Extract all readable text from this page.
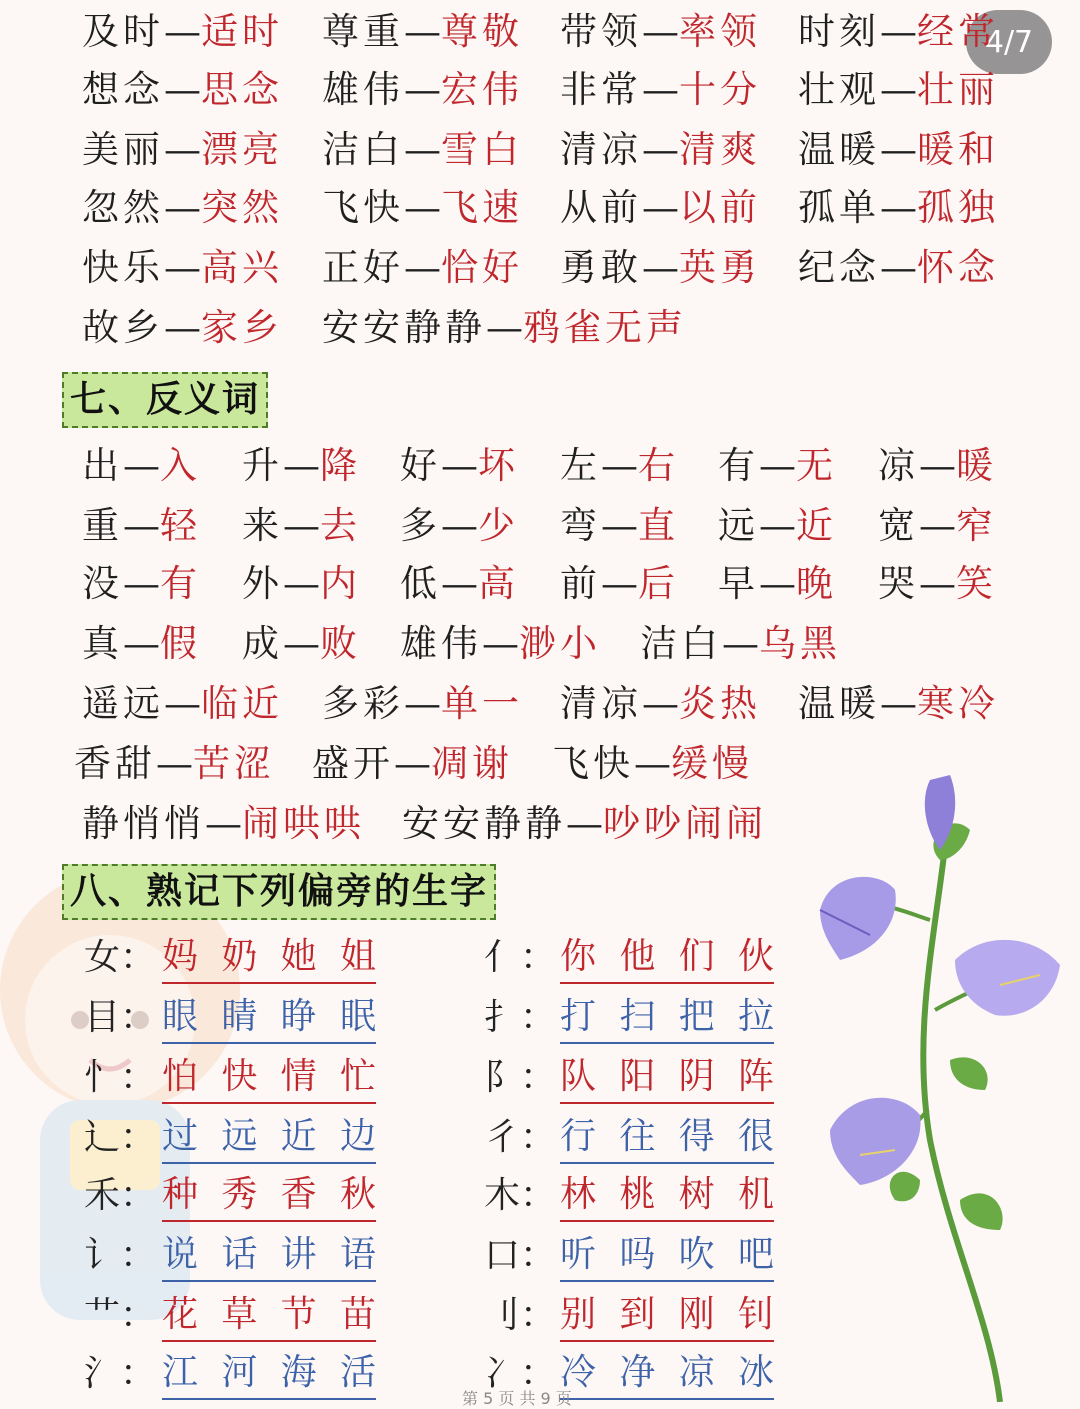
4/7
及时—适时 尊重—尊敬 带领—率领 时刻—经常
想念—思念 雄伟—宏伟 非常—十分 壮观—壮丽
美丽—漂亮 洁白—雪白 清凉—清爽 温暖—暖和
忽然—突然 飞快—飞速 从前—以前 孤单—孤独
快乐—高兴 正好—恰好 勇敢—英勇 纪念—怀念
故乡—家乡 安安静静—鸦雀无声
七、反义词
出—入 升—降 好—坏 左—右 有—无 凉—暖
重—轻 来—去 多—少 弯—直 远—近 宽—窄
没—有 外—内 低—高 前—后 早—晚 哭—笑
真—假 成—败 雄伟—渺小 洁白—乌黑
遥远—临近 多彩—单一 清凉—炎热 温暖—寒冷
香甜—苦涩 盛开—凋谢 飞快—缓慢
静悄悄—闹哄哄 安安静静—吵吵闹闹
八、熟记下列偏旁的生字
女： 妈 奶 她 姐	亻： 你 他 们 伙
目： 眼 睛 睁 眠	扌： 打 扫 把 拉
忄： 怕 快 情 忙	阝： 队 阳 阴 阵
辶： 过 远 近 边	彳： 行 往 得 很
禾： 种 秀 香 秋	木： 林 桃 树 机
讠： 说 话 讲 语	口： 听 吗 吹 吧
艹： 花 草 节 苗	刂： 别 到 刚 钊
氵： 江 河 海 活	冫： 冷 净 凉 冰
第 5 页 共 9 页
